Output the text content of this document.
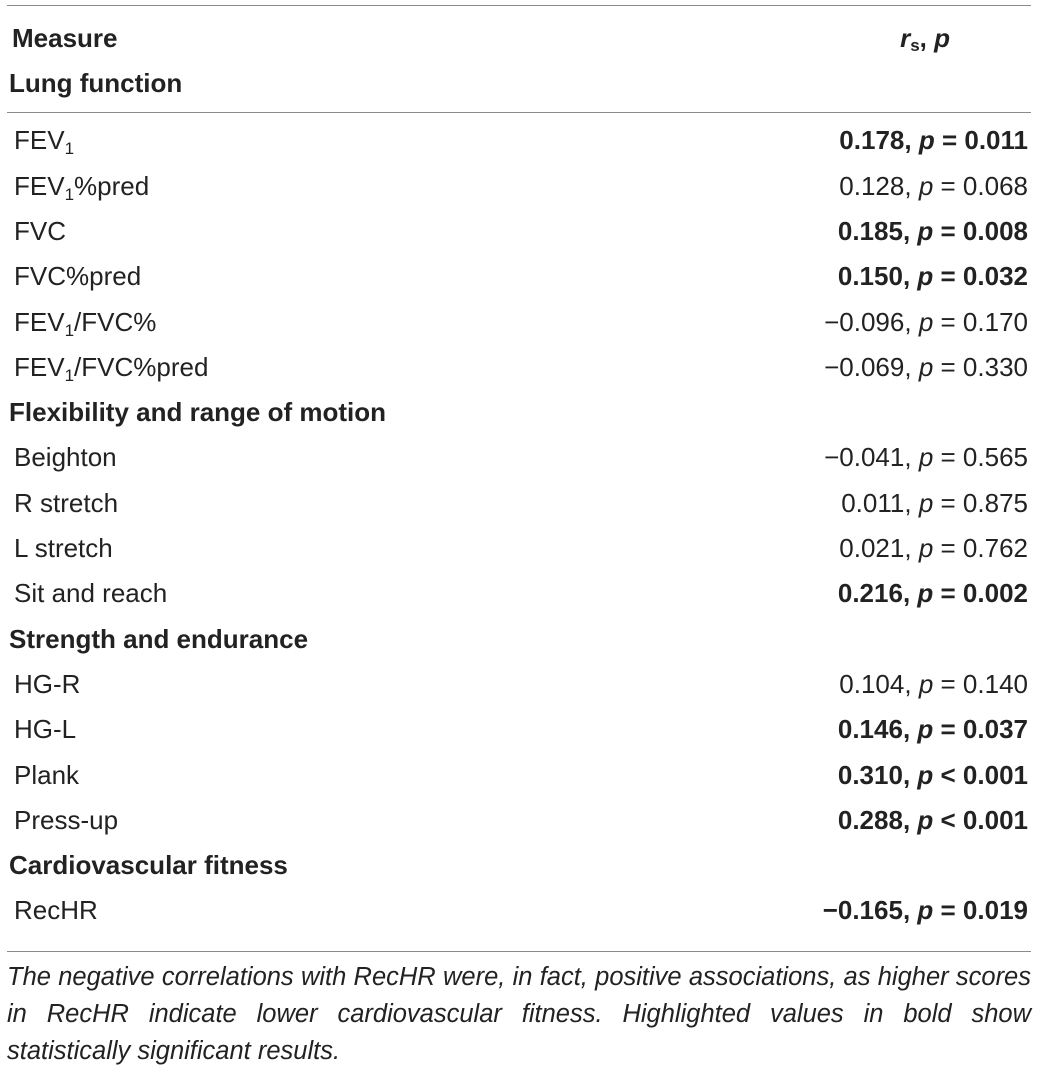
Measure	$r_s$, p
Lung function
$FEV_1$	0.178, p = 0.011
$FEV_1\%pred$	0.128, p = 0.068
FVC	0.185, p = 0.008
FVC%pred	0.150, p = 0.032
$FEV_1/FVC\%$	−0.096, p = 0.170
$FEV_1/FVC\%pred$	−0.069, p = 0.330
Flexibility and range of motion
Beighton	−0.041, p = 0.565
R stretch	0.011, p = 0.875
L stretch	0.021, p = 0.762
Sit and reach	0.216, p = 0.002
Strength and endurance
HG-R	0.104, p = 0.140
HG-L	0.146, p = 0.037
Plank	0.310, p < 0.001
Press-up	0.288, p < 0.001
Cardiovascular fitness
RecHR	−0.165, p = 0.019
The negative correlations with RecHR were, in fact, positive associations, as higher scores in RecHR indicate lower cardiovascular fitness. Highlighted values in bold show statistically significant results.
